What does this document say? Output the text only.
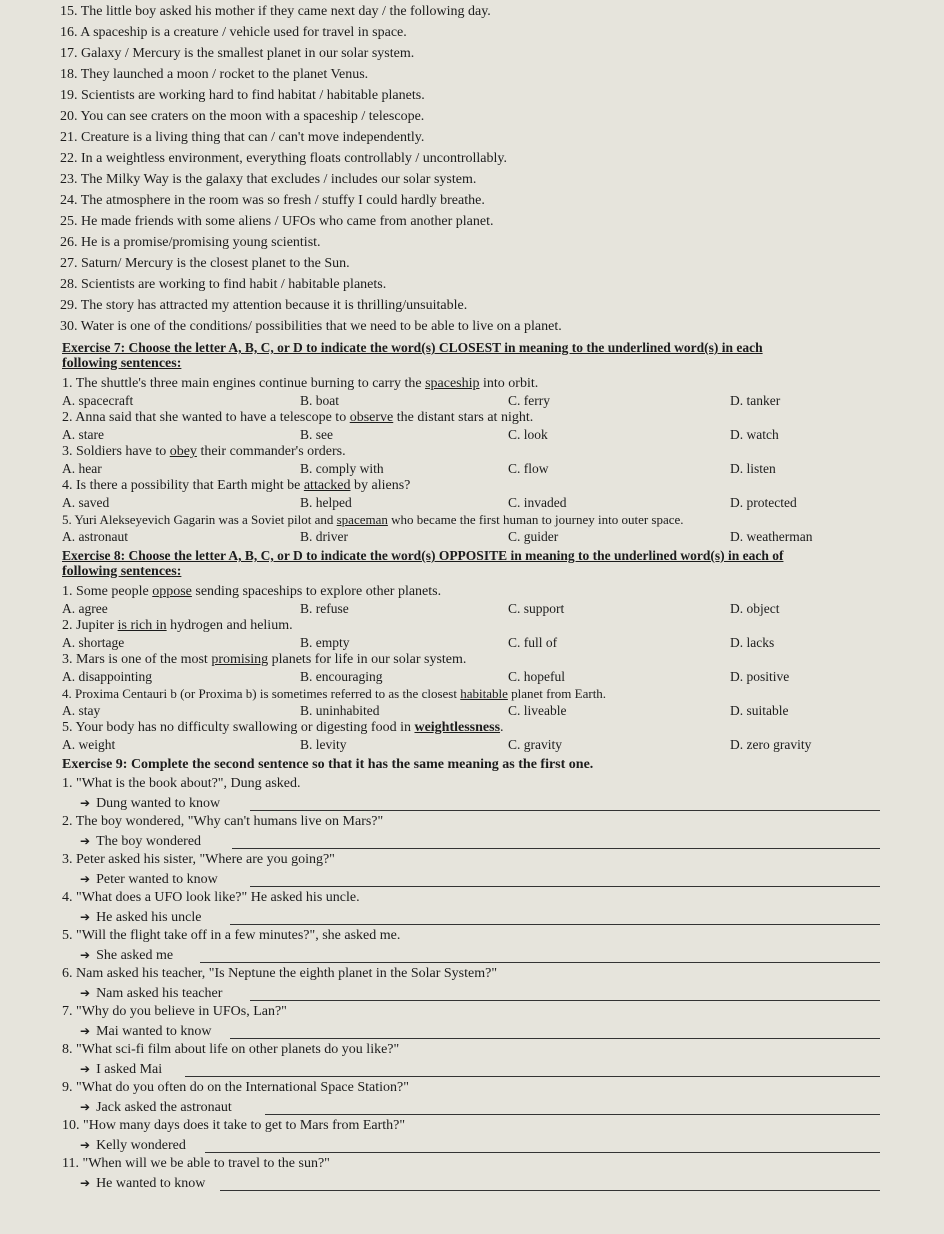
15. The little boy asked his mother if they came next day / the following day.
16. A spaceship is a creature / vehicle used for travel in space.
17. Galaxy / Mercury is the smallest planet in our solar system.
18. They launched a moon / rocket to the planet Venus.
19. Scientists are working hard to find habitat / habitable planets.
20. You can see craters on the moon with a spaceship / telescope.
21. Creature is a living thing that can / can't move independently.
22. In a weightless environment, everything floats controllably / uncontrollably.
23. The Milky Way is the galaxy that excludes / includes our solar system.
24. The atmosphere in the room was so fresh / stuffy I could hardly breathe.
25. He made friends with some aliens / UFOs who came from another planet.
26. He is a promise/promising young scientist.
27. Saturn/ Mercury is the closest planet to the Sun.
28. Scientists are working to find habit / habitable planets.
29. The story has attracted my attention because it is thrilling/unsuitable.
30. Water is one of the conditions/ possibilities that we need to be able to live on a planet.
Exercise 7: Choose the letter A, B, C, or D to indicate the word(s) CLOSEST in meaning to the underlined word(s) in each
following sentences:
1. The shuttle's three main engines continue burning to carry the spaceship into orbit.
A. spacecraft	B. boat	C. ferry	D. tanker
2. Anna said that she wanted to have a telescope to observe the distant stars at night.
A. stare	B. see	C. look	D. watch
3. Soldiers have to obey their commander's orders.
A. hear	B. comply with	C. flow	D. listen
4. Is there a possibility that Earth might be attacked by aliens?
A. saved	B. helped	C. invaded	D. protected
5. Yuri Alekseyevich Gagarin was a Soviet pilot and spaceman who became the first human to journey into outer space.
A. astronaut	B. driver	C. guider	D. weatherman
Exercise 8: Choose the letter A, B, C, or D to indicate the word(s) OPPOSITE in meaning to the underlined word(s) in each of
following sentences:
1. Some people oppose sending spaceships to explore other planets.
A. agree	B. refuse	C. support	D. object
2. Jupiter is rich in hydrogen and helium.
A. shortage	B. empty	C. full of	D. lacks
3. Mars is one of the most promising planets for life in our solar system.
A. disappointing	B. encouraging	C. hopeful	D. positive
4. Proxima Centauri b (or Proxima b) is sometimes referred to as the closest habitable planet from Earth.
A. stay	B. uninhabited	C. liveable	D. suitable
5. Your body has no difficulty swallowing or digesting food in weightlessness.
A. weight	B. levity	C. gravity	D. zero gravity
Exercise 9: Complete the second sentence so that it has the same meaning as the first one.
1. "What is the book about?", Dung asked.
➔ Dung wanted to know
2. The boy wondered, "Why can't humans live on Mars?"
➔ The boy wondered
3. Peter asked his sister, "Where are you going?"
➔ Peter wanted to know
4. "What does a UFO look like?" He asked his uncle.
➔ He asked his uncle
5. "Will the flight take off in a few minutes?", she asked me.
➔ She asked me
6. Nam asked his teacher, "Is Neptune the eighth planet in the Solar System?"
➔ Nam asked his teacher
7. "Why do you believe in UFOs, Lan?"
➔ Mai wanted to know
8. "What sci-fi film about life on other planets do you like?"
➔ I asked Mai
9. "What do you often do on the International Space Station?"
➔ Jack asked the astronaut
10. "How many days does it take to get to Mars from Earth?"
➔ Kelly wondered
11. "When will we be able to travel to the sun?"
➔ He wanted to know
